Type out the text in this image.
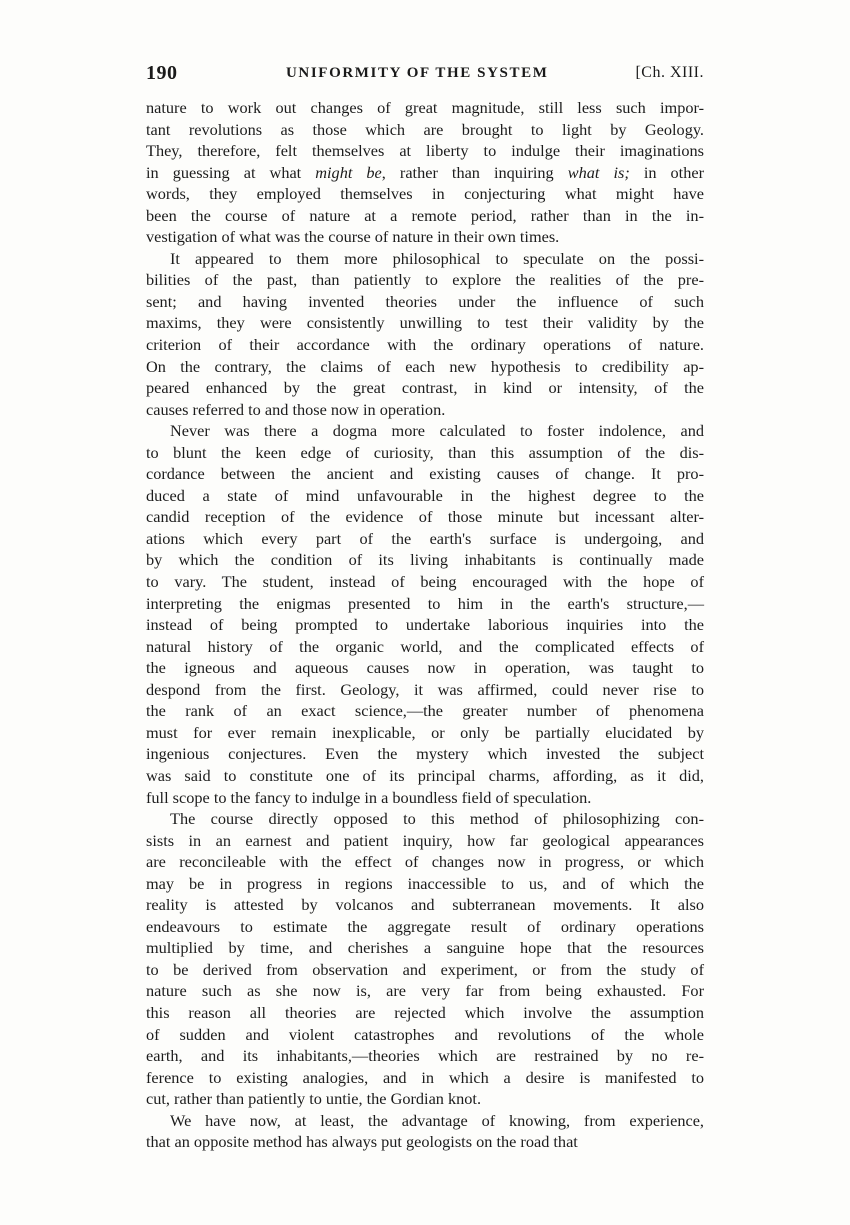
190	UNIFORMITY OF THE SYSTEM	[Ch. XIII.
nature to work out changes of great magnitude, still less such impor-
tant revolutions as those which are brought to light by Geology.
They, therefore, felt themselves at liberty to indulge their imaginations
in guessing at what might be, rather than inquiring what is; in other
words, they employed themselves in conjecturing what might have
been the course of nature at a remote period, rather than in the in-
vestigation of what was the course of nature in their own times.
It appeared to them more philosophical to speculate on the possi-
bilities of the past, than patiently to explore the realities of the pre-
sent; and having invented theories under the influence of such
maxims, they were consistently unwilling to test their validity by the
criterion of their accordance with the ordinary operations of nature.
On the contrary, the claims of each new hypothesis to credibility ap-
peared enhanced by the great contrast, in kind or intensity, of the
causes referred to and those now in operation.
Never was there a dogma more calculated to foster indolence, and
to blunt the keen edge of curiosity, than this assumption of the dis-
cordance between the ancient and existing causes of change. It pro-
duced a state of mind unfavourable in the highest degree to the
candid reception of the evidence of those minute but incessant alter-
ations which every part of the earth's surface is undergoing, and
by which the condition of its living inhabitants is continually made
to vary. The student, instead of being encouraged with the hope of
interpreting the enigmas presented to him in the earth's structure,—
instead of being prompted to undertake laborious inquiries into the
natural history of the organic world, and the complicated effects of
the igneous and aqueous causes now in operation, was taught to
despond from the first. Geology, it was affirmed, could never rise to
the rank of an exact science,—the greater number of phenomena
must for ever remain inexplicable, or only be partially elucidated by
ingenious conjectures. Even the mystery which invested the subject
was said to constitute one of its principal charms, affording, as it did,
full scope to the fancy to indulge in a boundless field of speculation.
The course directly opposed to this method of philosophizing con-
sists in an earnest and patient inquiry, how far geological appearances
are reconcileable with the effect of changes now in progress, or which
may be in progress in regions inaccessible to us, and of which the
reality is attested by volcanos and subterranean movements. It also
endeavours to estimate the aggregate result of ordinary operations
multiplied by time, and cherishes a sanguine hope that the resources
to be derived from observation and experiment, or from the study of
nature such as she now is, are very far from being exhausted. For
this reason all theories are rejected which involve the assumption
of sudden and violent catastrophes and revolutions of the whole
earth, and its inhabitants,—theories which are restrained by no re-
ference to existing analogies, and in which a desire is manifested to
cut, rather than patiently to untie, the Gordian knot.
We have now, at least, the advantage of knowing, from experience,
that an opposite method has always put geologists on the road that
